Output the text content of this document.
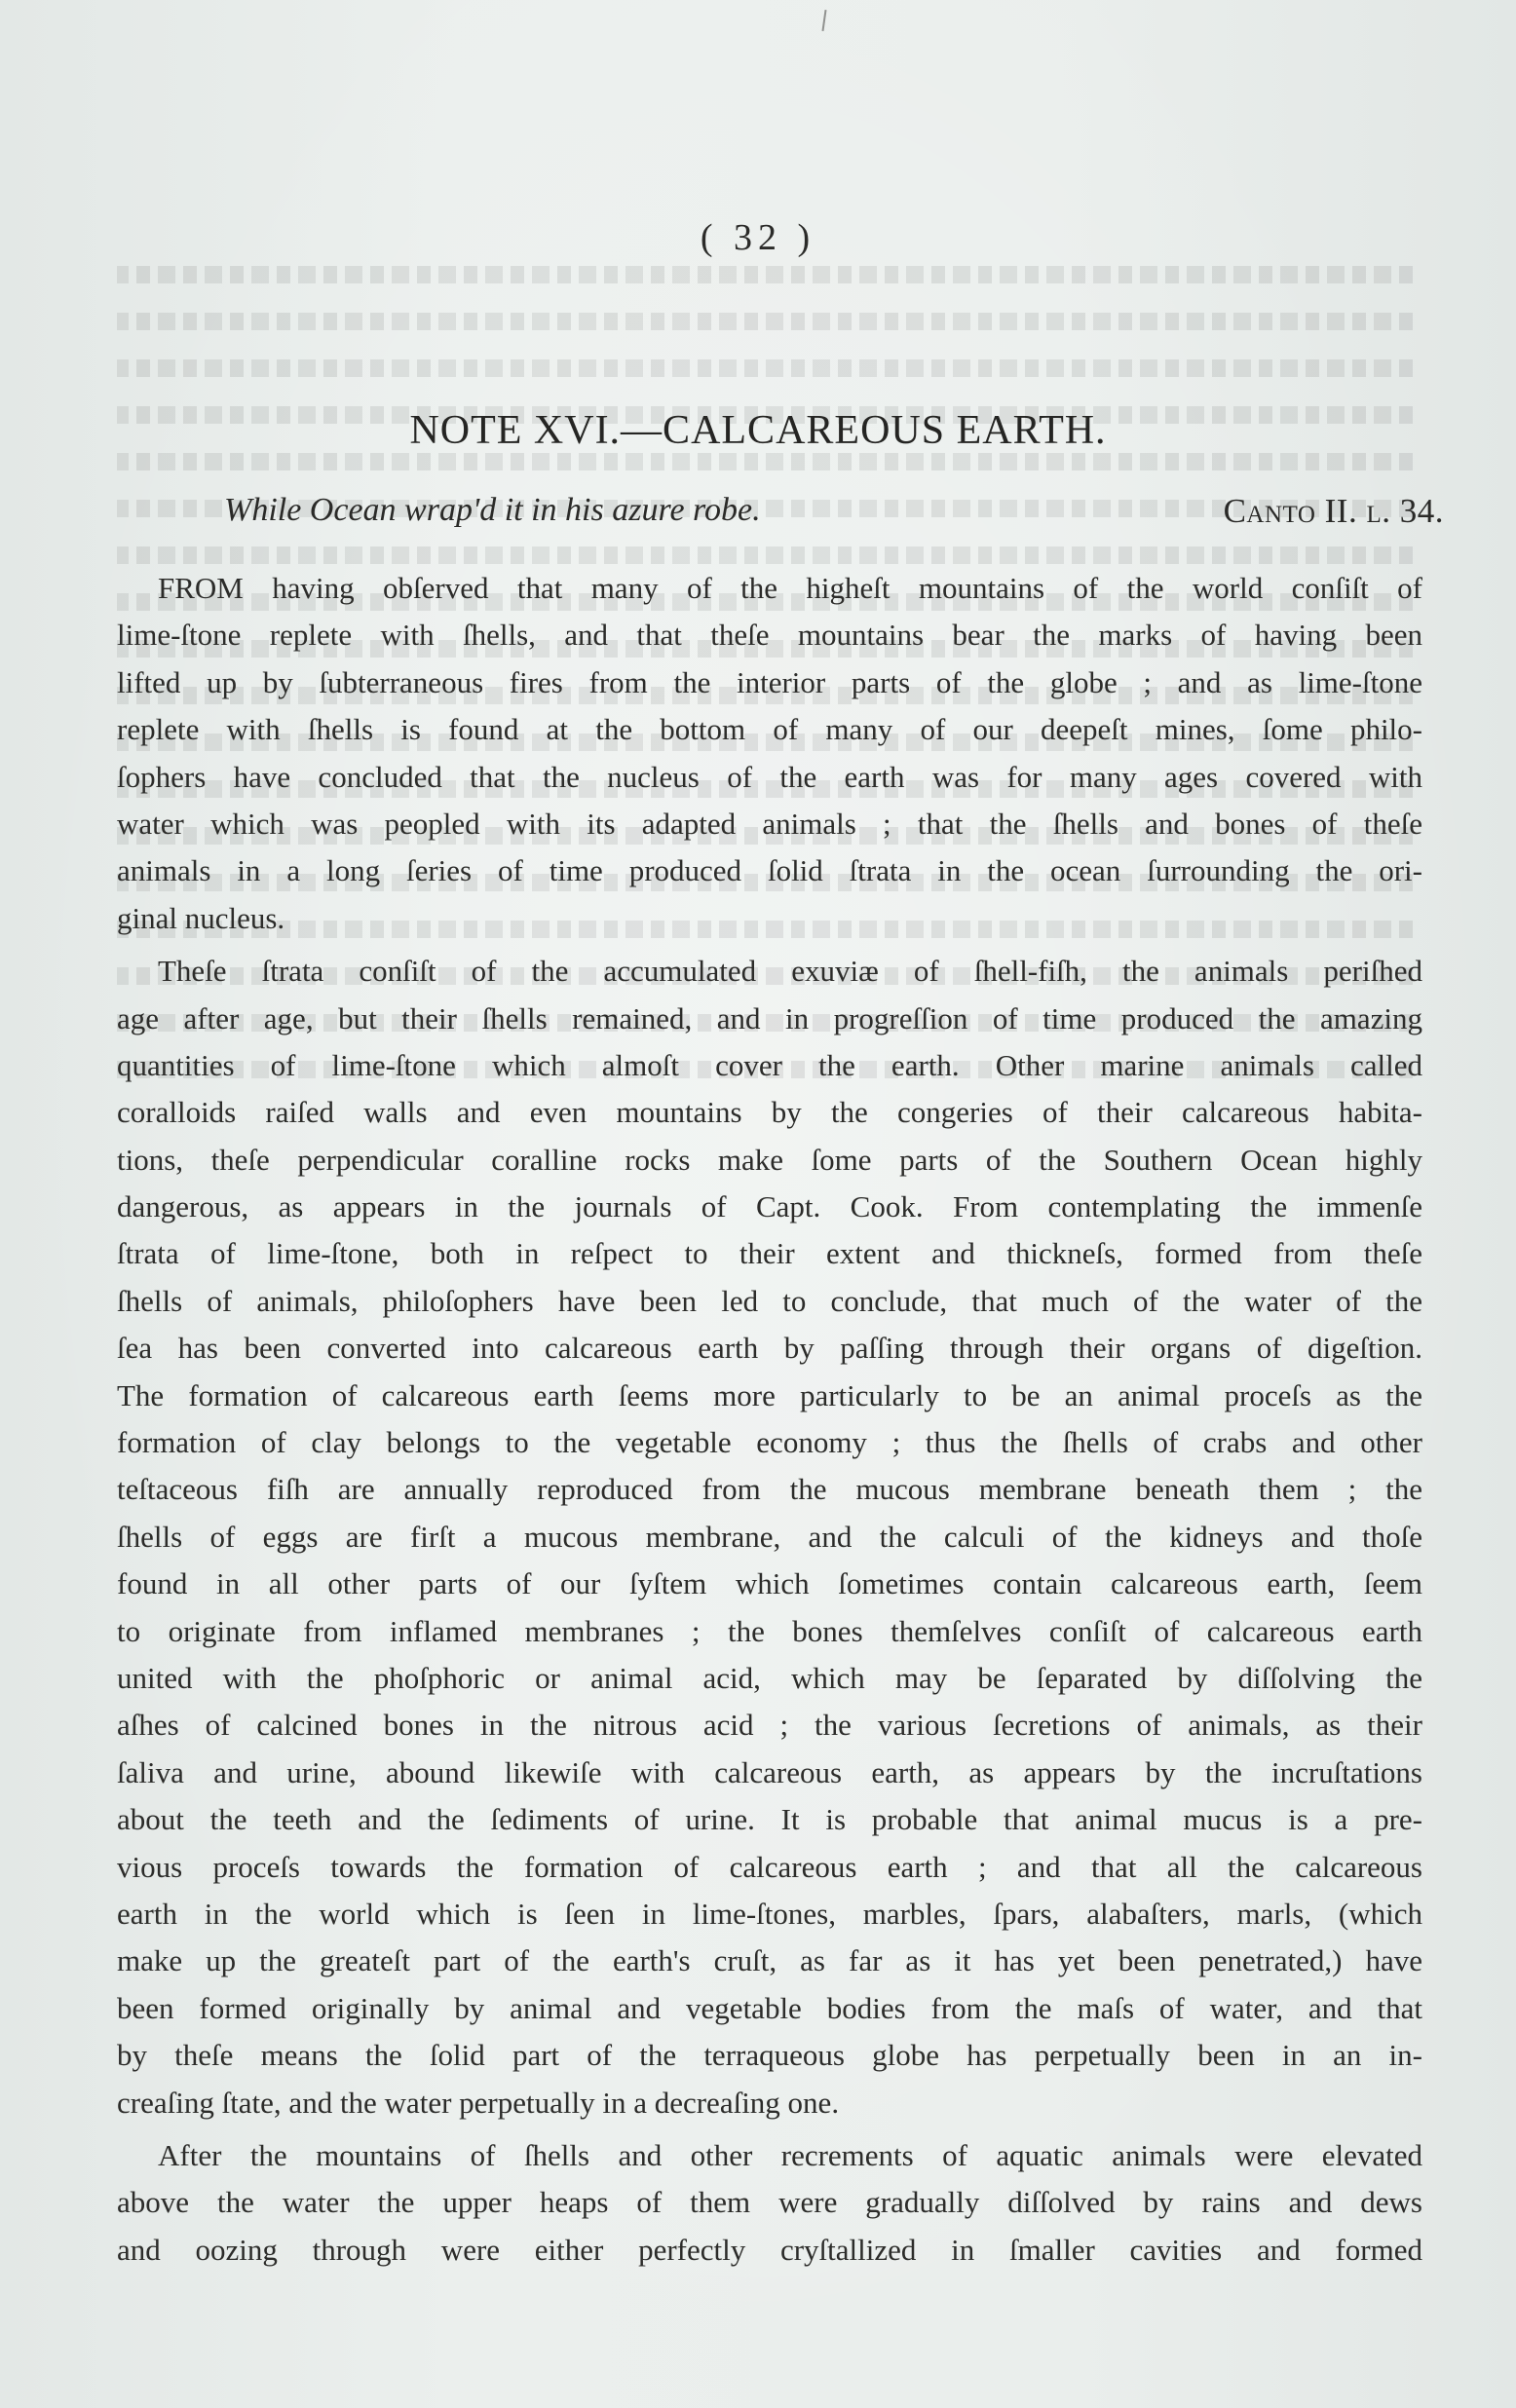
( 32 )
NOTE XVI.—CALCAREOUS EARTH.
While Ocean wrap'd it in his azure robe.	Canto II. l. 34.
FROM having obſerved that many of the higheſt mountains of the world conſiſt of
lime-ſtone replete with ſhells, and that theſe mountains bear the marks of having been
lifted up by ſubterraneous fires from the interior parts of the globe ; and as lime-ſtone
replete with ſhells is found at the bottom of many of our deepeſt mines, ſome philo-
ſophers have concluded that the nucleus of the earth was for many ages covered with
water which was peopled with its adapted animals ; that the ſhells and bones of theſe
animals in a long ſeries of time produced ſolid ſtrata in the ocean ſurrounding the ori-
ginal nucleus.
Theſe ſtrata conſiſt of the accumulated exuviæ of ſhell-fiſh, the animals periſhed
age after age, but their ſhells remained, and in progreſſion of time produced the amazing
quantities of lime-ſtone which almoſt cover the earth. Other marine animals called
coralloids raiſed walls and even mountains by the congeries of their calcareous habita-
tions, theſe perpendicular coralline rocks make ſome parts of the Southern Ocean highly
dangerous, as appears in the journals of Capt. Cook. From contemplating the immenſe
ſtrata of lime-ſtone, both in reſpect to their extent and thickneſs, formed from theſe
ſhells of animals, philoſophers have been led to conclude, that much of the water of the
ſea has been converted into calcareous earth by paſſing through their organs of digeſtion.
The formation of calcareous earth ſeems more particularly to be an animal proceſs as the
formation of clay belongs to the vegetable economy ; thus the ſhells of crabs and other
teſtaceous fiſh are annually reproduced from the mucous membrane beneath them ; the
ſhells of eggs are firſt a mucous membrane, and the calculi of the kidneys and thoſe
found in all other parts of our ſyſtem which ſometimes contain calcareous earth, ſeem
to originate from inflamed membranes ; the bones themſelves conſiſt of calcareous earth
united with the phoſphoric or animal acid, which may be ſeparated by diſſolving the
aſhes of calcined bones in the nitrous acid ; the various ſecretions of animals, as their
ſaliva and urine, abound likewiſe with calcareous earth, as appears by the incruſtations
about the teeth and the ſediments of urine. It is probable that animal mucus is a pre-
vious proceſs towards the formation of calcareous earth ; and that all the calcareous
earth in the world which is ſeen in lime-ſtones, marbles, ſpars, alabaſters, marls, (which
make up the greateſt part of the earth's cruſt, as far as it has yet been penetrated,) have
been formed originally by animal and vegetable bodies from the maſs of water, and that
by theſe means the ſolid part of the terraqueous globe has perpetually been in an in-
creaſing ſtate, and the water perpetually in a decreaſing one.
After the mountains of ſhells and other recrements of aquatic animals were elevated
above the water the upper heaps of them were gradually diſſolved by rains and dews
and oozing through were either perfectly cryſtallized in ſmaller cavities and formed
